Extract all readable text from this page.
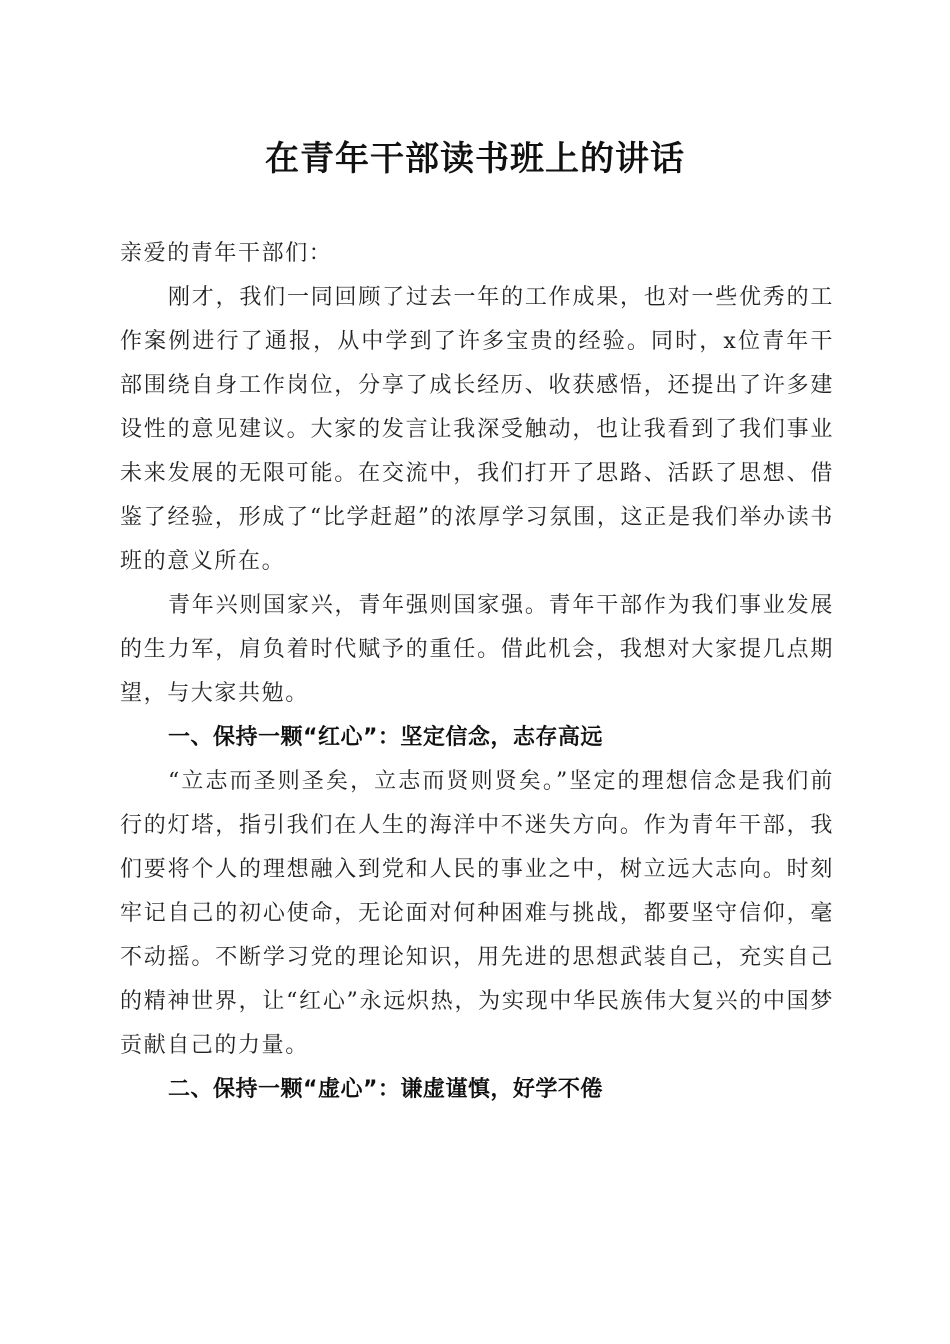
在青年干部读书班上的讲话

亲爱的青年干部们：

刚才，我们一同回顾了过去一年的工作成果，也对一些优秀的工作案例进行了通报，从中学到了许多宝贵的经验。同时，x位青年干部围绕自身工作岗位，分享了成长经历、收获感悟，还提出了许多建设性的意见建议。大家的发言让我深受触动，也让我看到了我们事业未来发展的无限可能。在交流中，我们打开了思路、活跃了思想、借鉴了经验，形成了“比学赶超”的浓厚学习氛围，这正是我们举办读书班的意义所在。

青年兴则国家兴，青年强则国家强。青年干部作为我们事业发展的生力军，肩负着时代赋予的重任。借此机会，我想对大家提几点期望，与大家共勉。

一、保持一颗“红心”：坚定信念，志存高远

“立志而圣则圣矣，立志而贤则贤矣。”坚定的理想信念是我们前行的灯塔，指引我们在人生的海洋中不迷失方向。作为青年干部，我们要将个人的理想融入到党和人民的事业之中，树立远大志向。时刻牢记自己的初心使命，无论面对何种困难与挑战，都要坚守信仰，毫不动摇。不断学习党的理论知识，用先进的思想武装自己，充实自己的精神世界，让“红心”永远炽热，为实现中华民族伟大复兴的中国梦贡献自己的力量。

二、保持一颗“虚心”：谦虚谨慎，好学不倦
